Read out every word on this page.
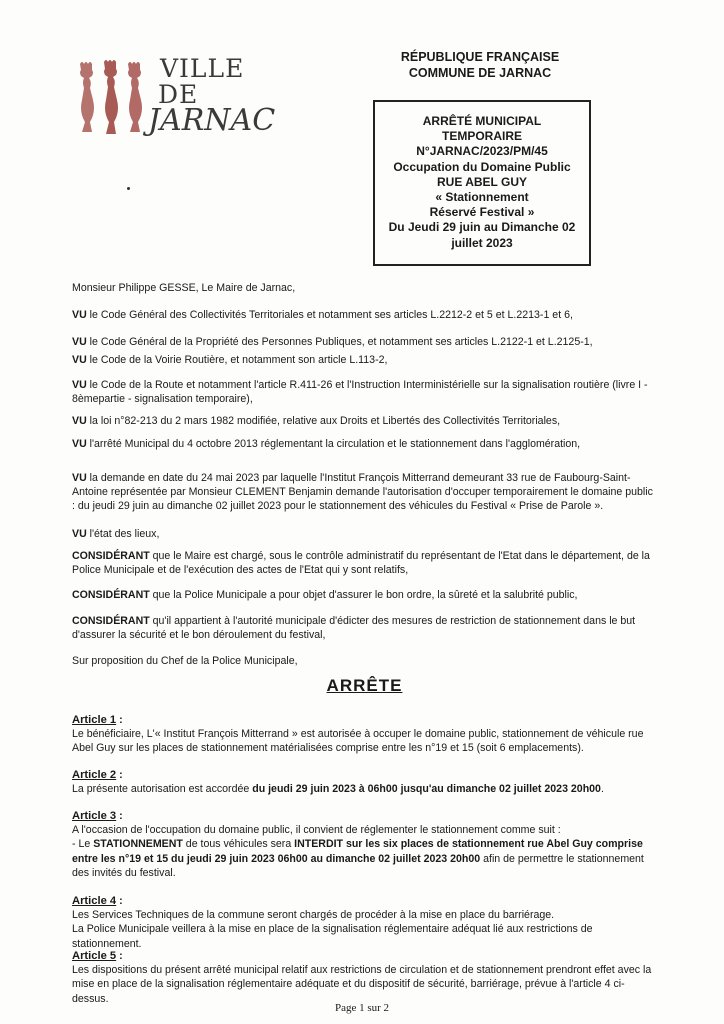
VILLE
DE
JARNAC
RÉPUBLIQUE FRANÇAISE
COMMUNE DE JARNAC
ARRÊTÉ MUNICIPAL
TEMPORAIRE
N°JARNAC/2023/PM/45
Occupation du Domaine Public
RUE ABEL GUY
« Stationnement
Réservé Festival »
Du Jeudi 29 juin au Dimanche 02
juillet 2023
Monsieur Philippe GESSE, Le Maire de Jarnac,
VU le Code Général des Collectivités Territoriales et notamment ses articles L.2212-2 et 5 et L.2213-1 et 6,
VU le Code Général de la Propriété des Personnes Publiques, et notamment ses articles L.2122-1 et L.2125-1,
VU le Code de la Voirie Routière, et notamment son article L.113-2,
VU le Code de la Route et notamment l'article R.411-26 et l'Instruction Interministérielle sur la signalisation routière (livre I - 8èmepartie - signalisation temporaire),
VU la loi n°82-213 du 2 mars 1982 modifiée, relative aux Droits et Libertés des Collectivités Territoriales,
VU l'arrêté Municipal du 4 octobre 2013 réglementant la circulation et le stationnement dans l'agglomération,
VU la demande en date du 24 mai 2023 par laquelle l'Institut François Mitterrand demeurant 33 rue de Faubourg-Saint-Antoine représentée par Monsieur CLEMENT Benjamin demande l'autorisation d'occuper temporairement le domaine public : du jeudi 29 juin au dimanche 02 juillet 2023 pour le stationnement des véhicules du Festival « Prise de Parole ».
VU l'état des lieux,
CONSIDÉRANT que le Maire est chargé, sous le contrôle administratif du représentant de l'Etat dans le département, de la Police Municipale et de l'exécution des actes de l'Etat qui y sont relatifs,
CONSIDÉRANT que la Police Municipale a pour objet d'assurer le bon ordre, la sûreté et la salubrité public,
CONSIDÉRANT qu'il appartient à l'autorité municipale d'édicter des mesures de restriction de stationnement dans le but d'assurer la sécurité et le bon déroulement du festival,
Sur proposition du Chef de la Police Municipale,
ARRÊTE
Article 1 :
Le bénéficiaire, L'« Institut François Mitterrand » est autorisée à occuper le domaine public, stationnement de véhicule rue Abel Guy sur les places de stationnement matérialisées comprise entre les n°19 et 15 (soit 6 emplacements).
Article 2 :
La présente autorisation est accordée du jeudi 29 juin 2023 à 06h00 jusqu'au dimanche 02 juillet 2023 20h00.
Article 3 :
A l'occasion de l'occupation du domaine public, il convient de réglementer le stationnement comme suit :
- Le STATIONNEMENT de tous véhicules sera INTERDIT sur les six places de stationnement rue Abel Guy comprise entre les n°19 et 15 du jeudi 29 juin 2023 06h00 au dimanche 02 juillet 2023 20h00 afin de permettre le stationnement des invités du festival.
Article 4 :
Les Services Techniques de la commune seront chargés de procéder à la mise en place du barriérage.
La Police Municipale veillera à la mise en place de la signalisation réglementaire adéquat lié aux restrictions de stationnement.
Article 5 :
Les dispositions du présent arrêté municipal relatif aux restrictions de circulation et de stationnement prendront effet avec la mise en place de la signalisation réglementaire adéquate et du dispositif de sécurité, barriérage, prévue à l'article 4 ci-dessus.
Page 1 sur 2
